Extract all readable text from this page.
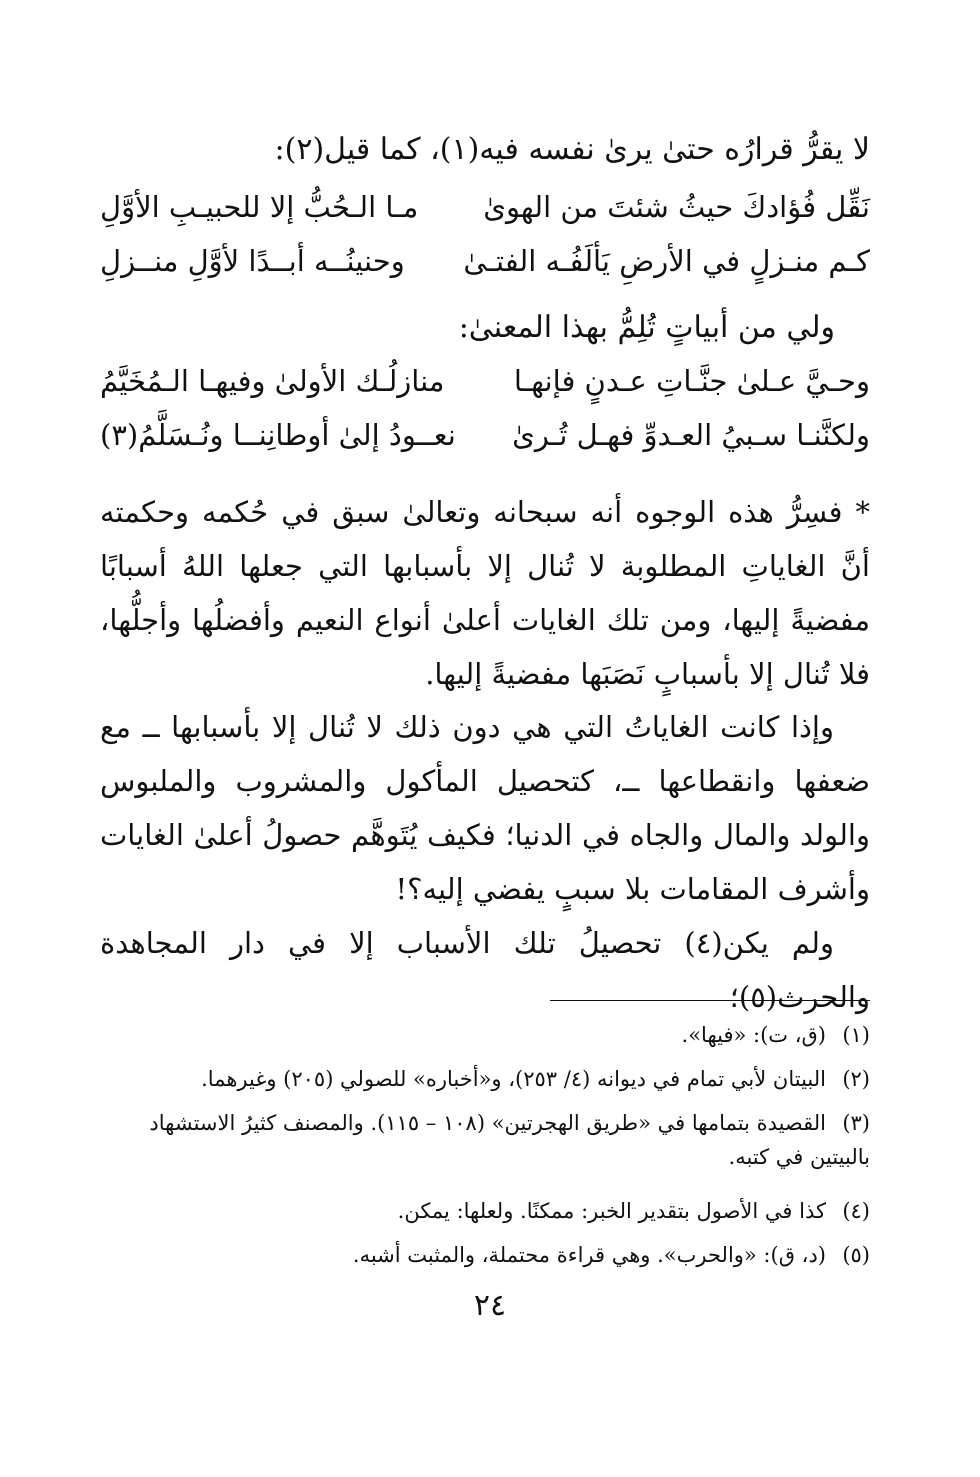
لا يقرُّ قرارُه حتىٰ يرىٰ نفسه فيه(١)، كما قيل(٢):
نَقِّل فُؤادكَ حيثُ شئتَ من الهوىٰ
مـا الـحُبُّ إلا للحبيـبِ الأوَّلِ
كـم منـزلٍ في الأرضِ يَألَفُـه الفتـىٰ
وحنينُــه أبــدًا لأوَّلِ منــزلِ
ولي من أبياتٍ تُلِمُّ بهذا المعنىٰ:
وحـيَّ عـلىٰ جنَّـاتِ عـدنٍ فإنهـا
منازلُـك الأولىٰ وفيهـا الـمُخَيَّمُ
ولكنَّنـا سـبيُ العـدوِّ فهـل تُـرىٰ
نعــودُ إلىٰ أوطانِنــا ونُـسَلَّمُ(٣)
* فسِرُّ هذه الوجوه أنه سبحانه وتعالىٰ سبق في حُكمه وحكمته أنَّ الغاياتِ المطلوبة لا تُنال إلا بأسبابها التي جعلها اللهُ أسبابًا مفضيةً إليها، ومن تلك الغايات أعلىٰ أنواع النعيم وأفضلُها وأجلُّها، فلا تُنال إلا بأسبابٍ نَصَبَها مفضيةً إليها.
وإذا كانت الغاياتُ التي هي دون ذلك لا تُنال إلا بأسبابها ــ مع ضعفها وانقطاعها ــ، كتحصيل المأكول والمشروب والملبوس والولد والمال والجاه في الدنيا؛ فكيف يُتَوهَّم حصولُ أعلىٰ الغايات وأشرف المقامات بلا سببٍ يفضي إليه؟!
ولم يكن(٤) تحصيلُ تلك الأسباب إلا في دار المجاهدة والحرث(٥)؛
(١)(ق، ت): «فيها».
(٢)البيتان لأبي تمام في ديوانه (٤/ ٢٥٣)، و«أخباره» للصولي (٢٠٥) وغيرهما.
(٣)القصيدة بتمامها في «طريق الهجرتين» (١٠٨ – ١١٥). والمصنف كثيرُ الاستشهاد بالبيتين في كتبه.
(٤)كذا في الأصول بتقدير الخبر: ممكنًا. ولعلها: يمكن.
(٥)(د، ق): «والحرب». وهي قراءة محتملة، والمثبت أشبه.
٢٤
